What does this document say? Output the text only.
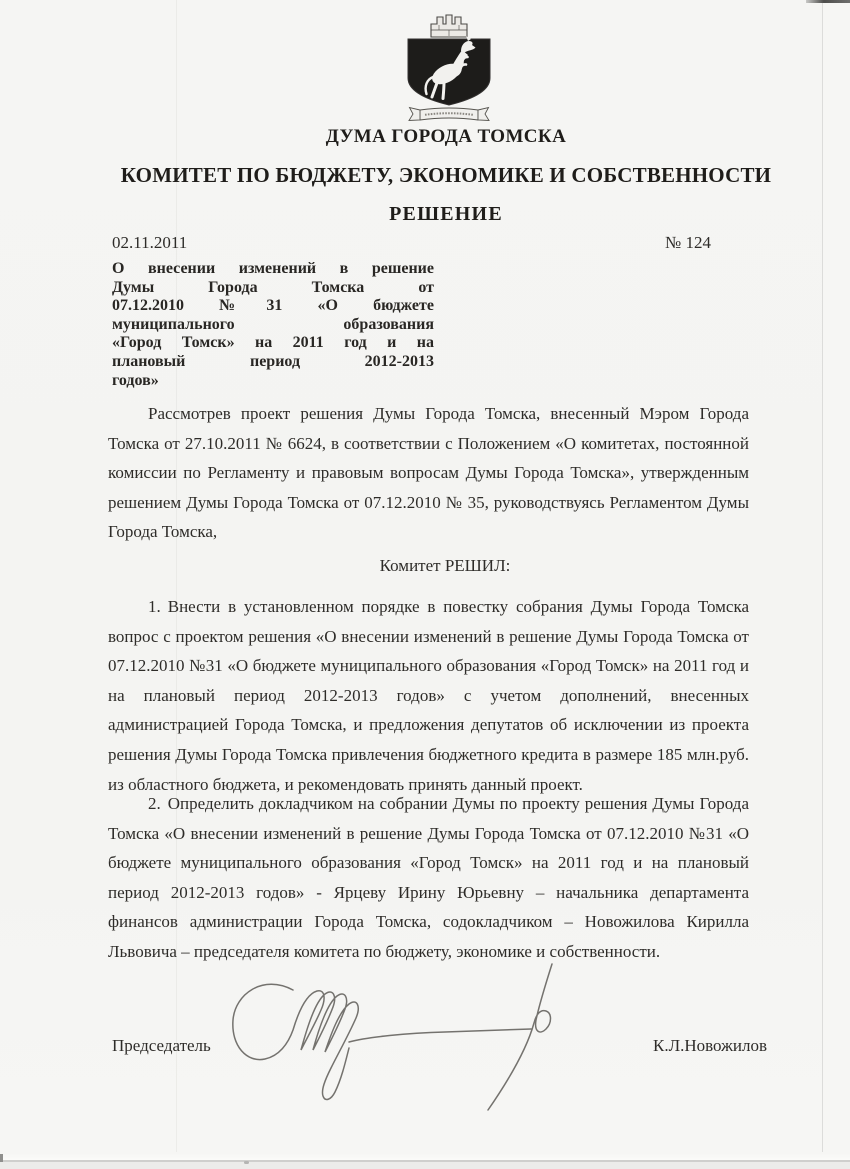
ДУМА ГОРОДА ТОМСКА
КОМИТЕТ ПО БЮДЖЕТУ, ЭКОНОМИКЕ И СОБСТВЕННОСТИ
РЕШЕНИЕ
02.11.2011	№ 124
О внесении изменений в решение
Думы Города Томска от
07.12.2010 №31 «О бюджете
муниципального образования
«Город Томск» на 2011 год и на
плановый период 2012-2013
годов»

Рассмотрев проект решения Думы Города Томска, внесенный Мэром Города Томска от 27.10.2011 № 6624, в соответствии с Положением «О комитетах, постоянной комиссии по Регламенту и правовым вопросам Думы Города Томска», утвержденным решением Думы Города Томска от 07.12.2010 № 35, руководствуясь Регламентом Думы Города Томска,

Комитет РЕШИЛ:

1. Внести в установленном порядке в повестку собрания Думы Города Томска вопрос с проектом решения «О внесении изменений в решение Думы Города Томска от 07.12.2010 №31 «О бюджете муниципального образования «Город Томск» на 2011 год и на плановый период 2012-2013 годов» с учетом дополнений, внесенных администрацией Города Томска, и предложения депутатов об исключении из проекта решения Думы Города Томска привлечения бюджетного кредита в размере 185 млн.руб. из областного бюджета, и рекомендовать принять данный проект.

2. Определить докладчиком на собрании Думы по проекту решения Думы Города Томска «О внесении изменений в решение Думы Города Томска от 07.12.2010 №31 «О бюджете муниципального образования «Город Томск» на 2011 год и на плановый период 2012-2013 годов» - Ярцеву Ирину Юрьевну – начальника департамента финансов администрации Города Томска, содокладчиком – Новожилова Кирилла Львовича – председателя комитета по бюджету, экономике и собственности.

Председатель	К.Л.Новожилов
